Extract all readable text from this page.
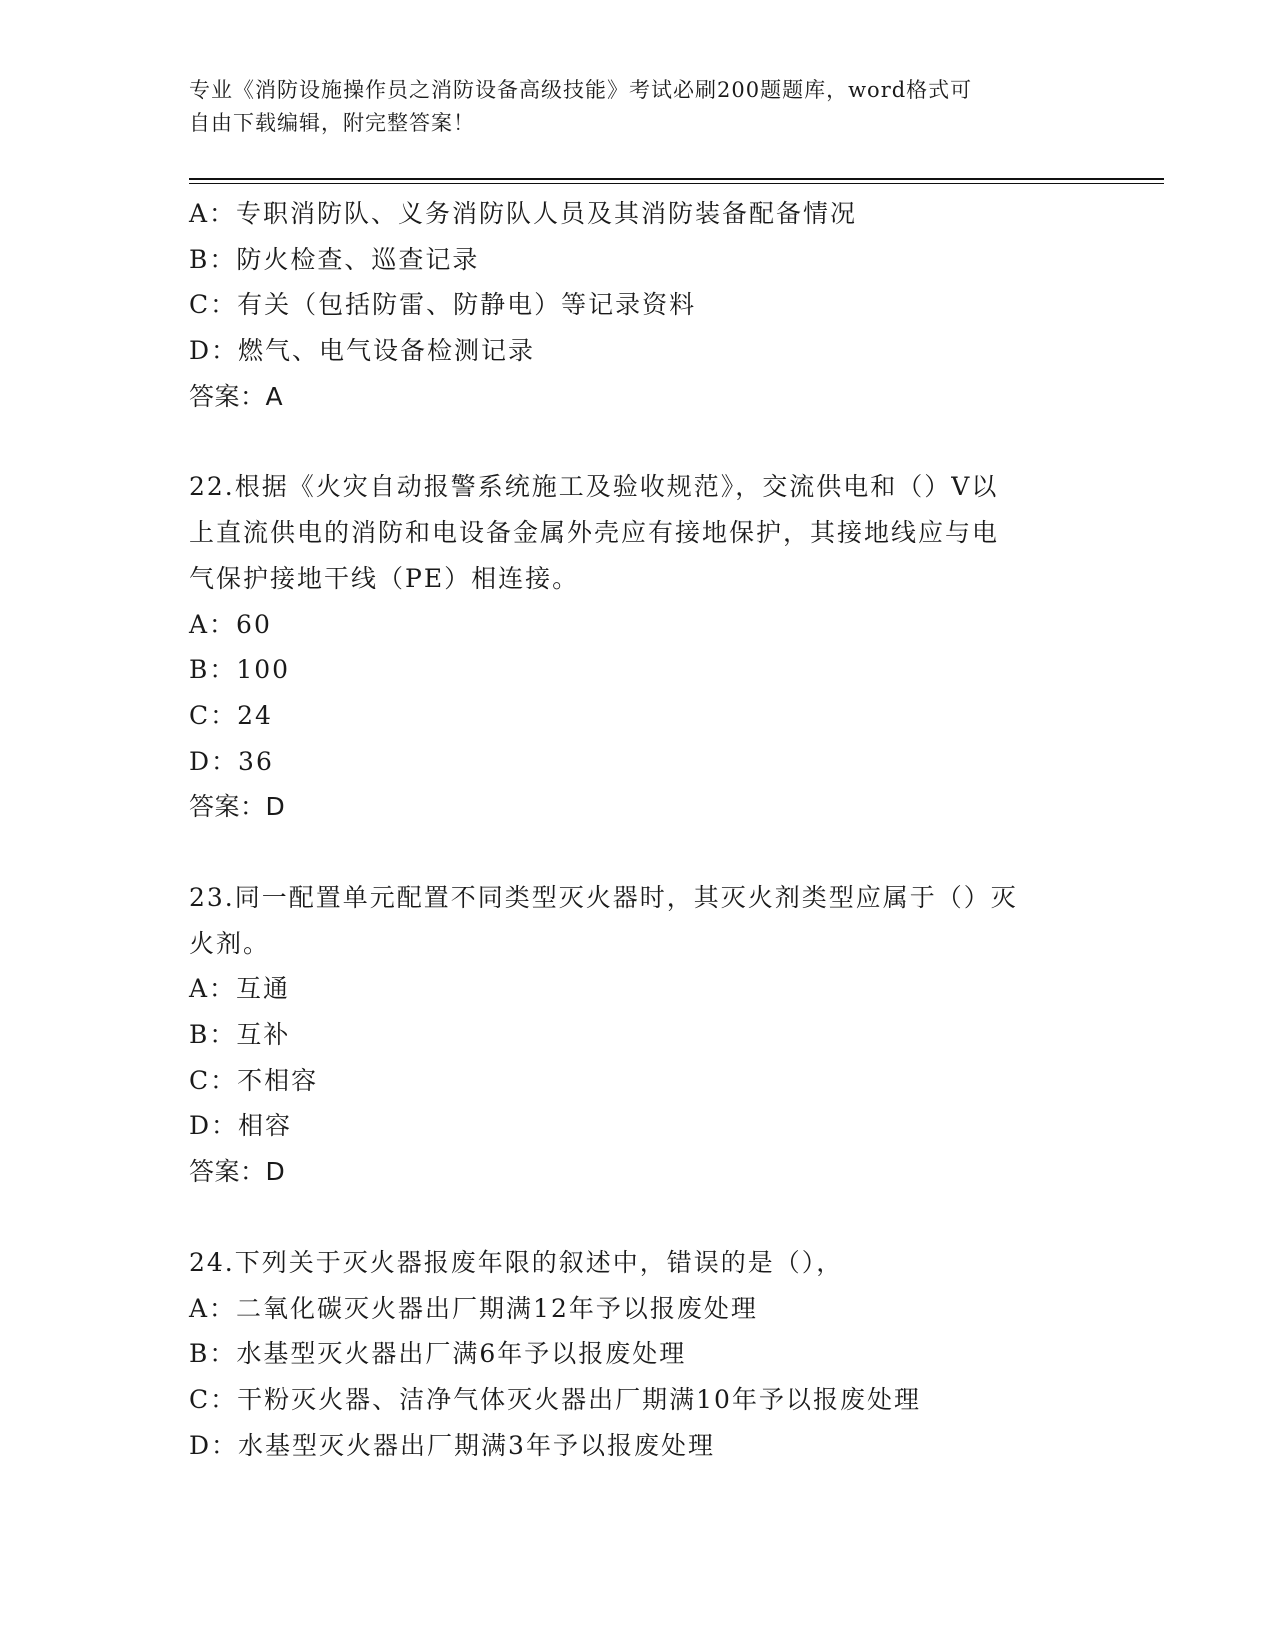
专业《消防设施操作员之消防设备高级技能》考试必刷200题题库，word格式可
自由下载编辑，附完整答案！
A：专职消防队、义务消防队人员及其消防装备配备情况
B：防火检查、巡查记录
C：有关（包括防雷、防静电）等记录资料
D：燃气、电气设备检测记录
答案：A
22.根据《火灾自动报警系统施工及验收规范》，交流供电和（）V以
上直流供电的消防和电设备金属外壳应有接地保护，其接地线应与电
气保护接地干线（PE）相连接。
A：60
B：100
C：24
D：36
答案：D
23.同一配置单元配置不同类型灭火器时，其灭火剂类型应属于（）灭
火剂。
A：互通
B：互补
C：不相容
D：相容
答案：D
24.下列关于灭火器报废年限的叙述中，错误的是（），
A：二氧化碳灭火器出厂期满12年予以报废处理
B：水基型灭火器出厂满6年予以报废处理
C：干粉灭火器、洁净气体灭火器出厂期满10年予以报废处理
D：水基型灭火器出厂期满3年予以报废处理
